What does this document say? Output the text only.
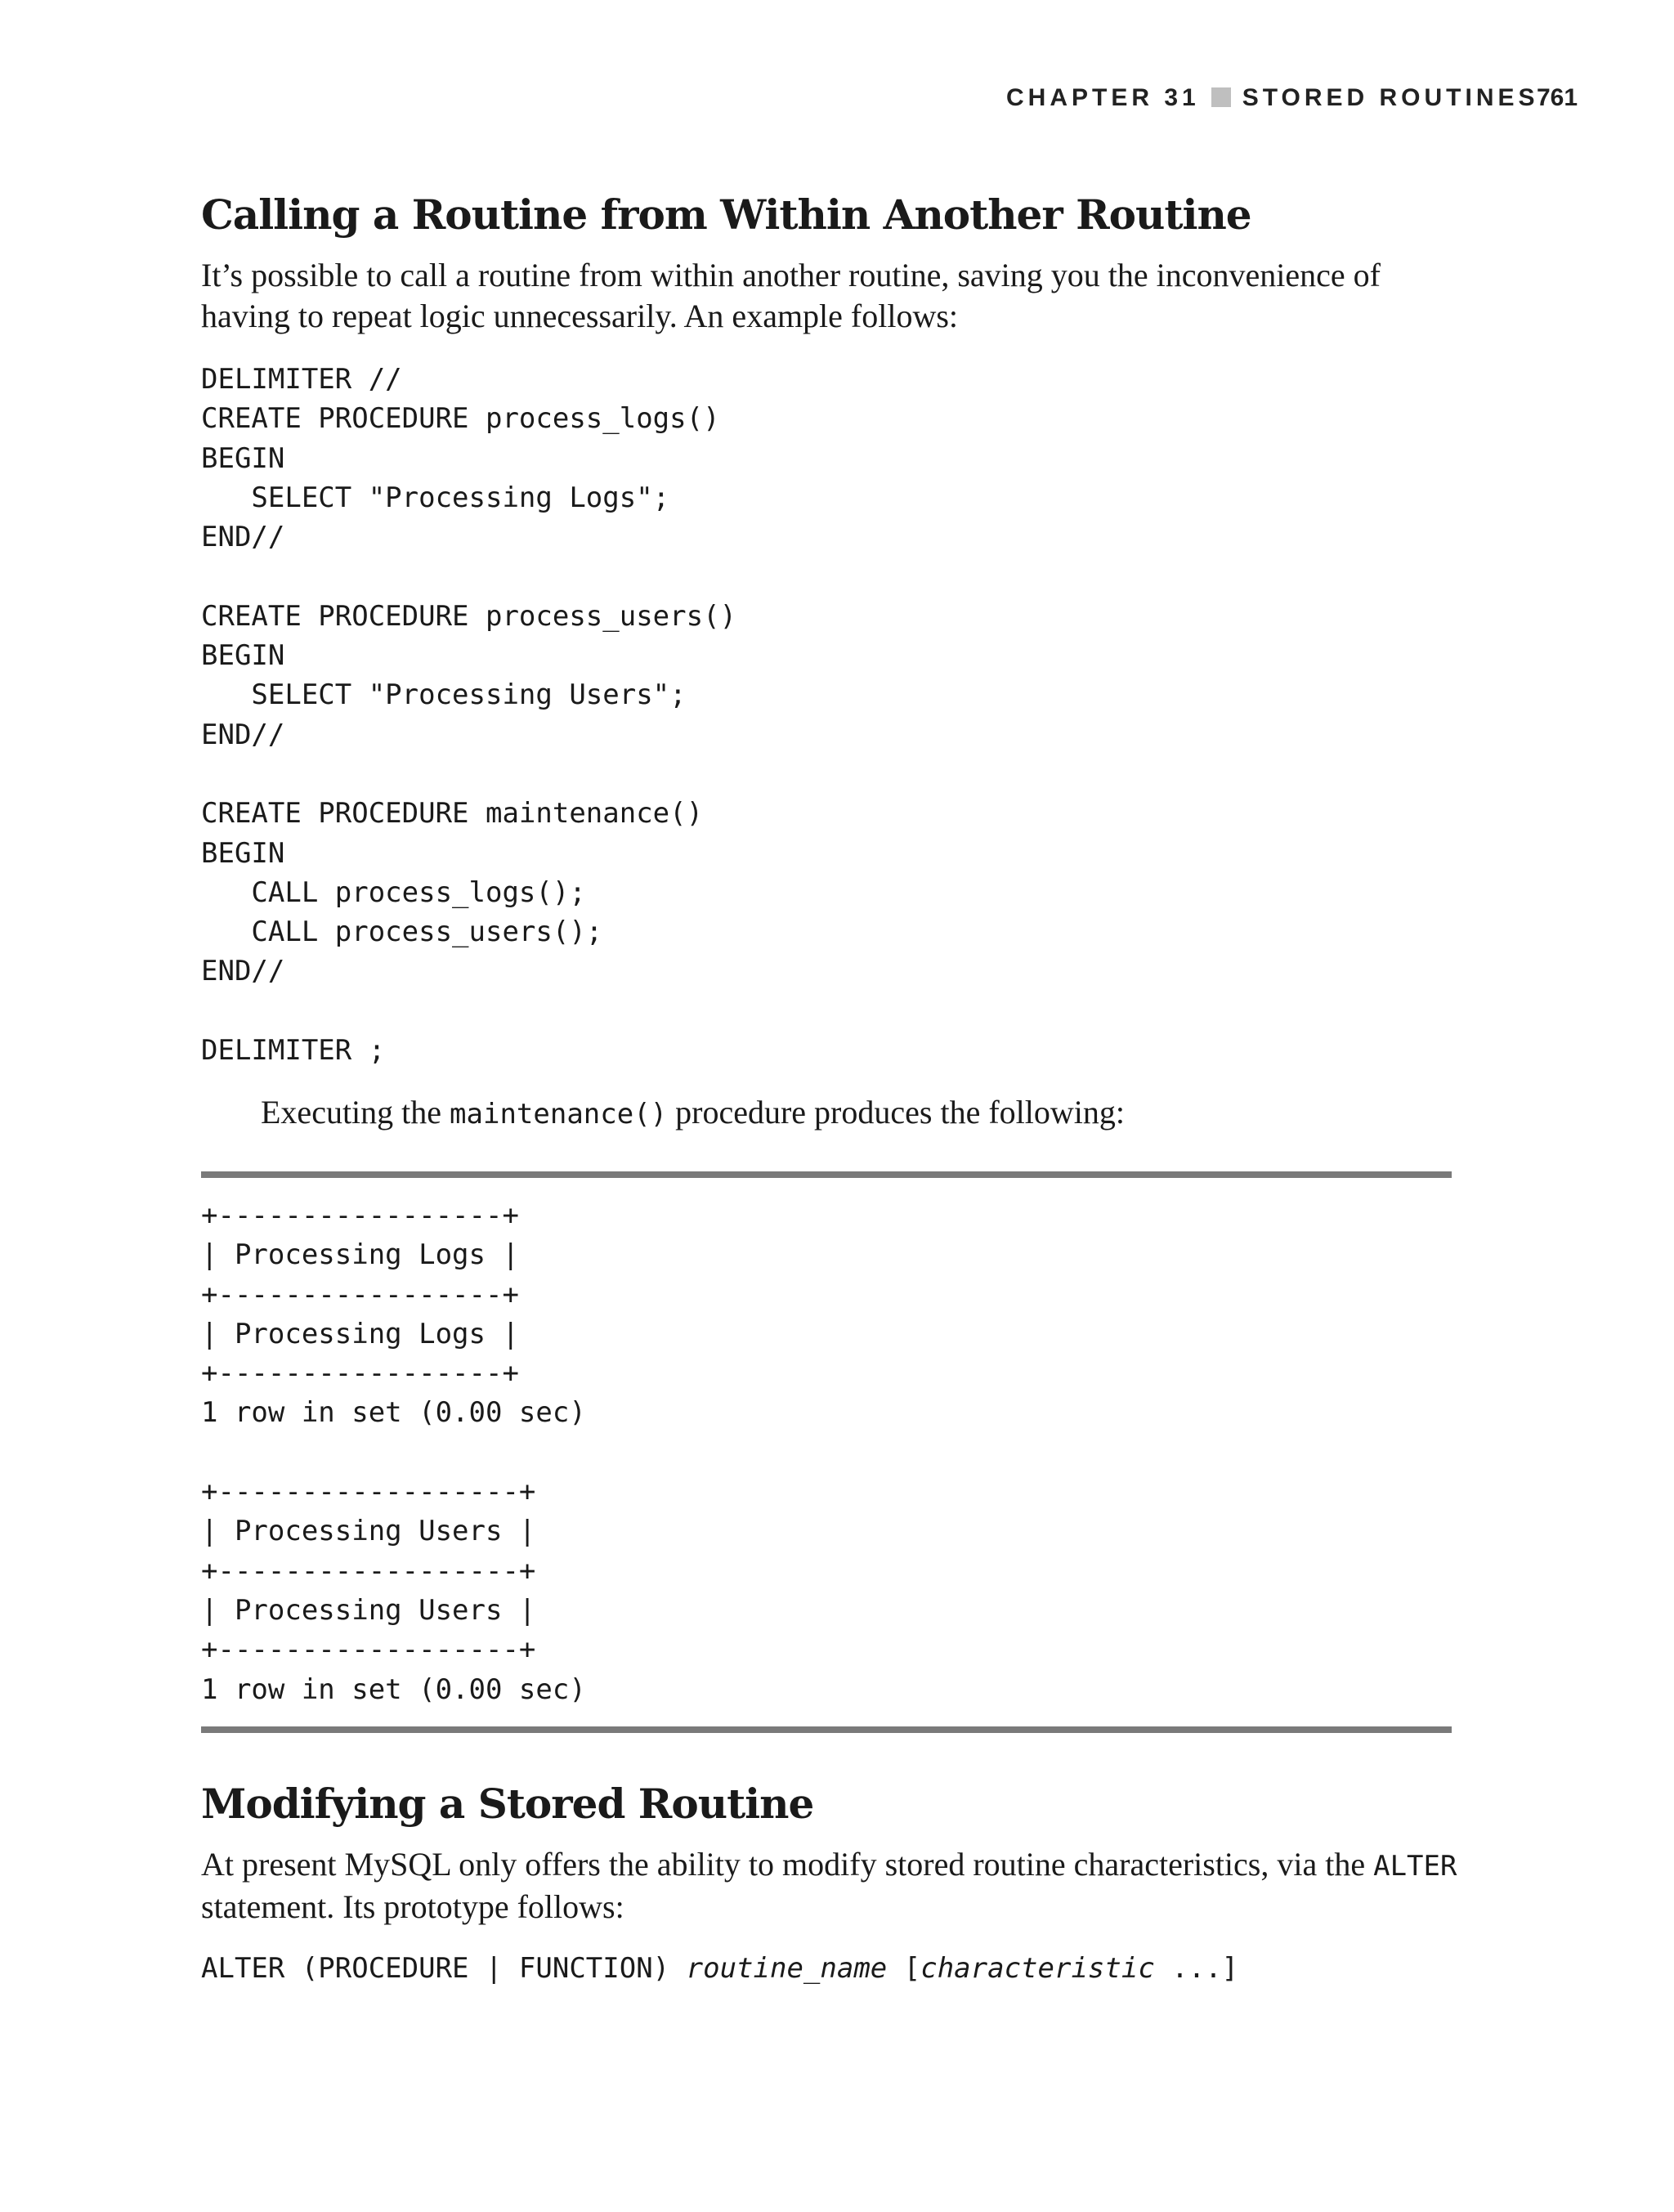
CHAPTER 31 STORED ROUTINES
761
Calling a Routine from Within Another Routine

It’s possible to call a routine from within another routine, saving you the inconvenience of having to repeat logic unnecessarily. An example follows:

DELIMITER //
CREATE PROCEDURE process_logs()
BEGIN
SELECT "Processing Logs";
END//

CREATE PROCEDURE process_users()
BEGIN
SELECT "Processing Users";
END//

CREATE PROCEDURE maintenance()
BEGIN
CALL process_logs();
CALL process_users();
END//

DELIMITER ;

Executing the maintenance() procedure produces the following:

+-----------------+
| Processing Logs |
+-----------------+
| Processing Logs |
+-----------------+
1 row in set (0.00 sec)

+------------------+
| Processing Users |
+------------------+
| Processing Users |
+------------------+
1 row in set (0.00 sec)
Modifying a Stored Routine

At present MySQL only offers the ability to modify stored routine characteristics, via the ALTER statement. Its prototype follows:

ALTER (PROCEDURE | FUNCTION) routine_name [characteristic ...]
